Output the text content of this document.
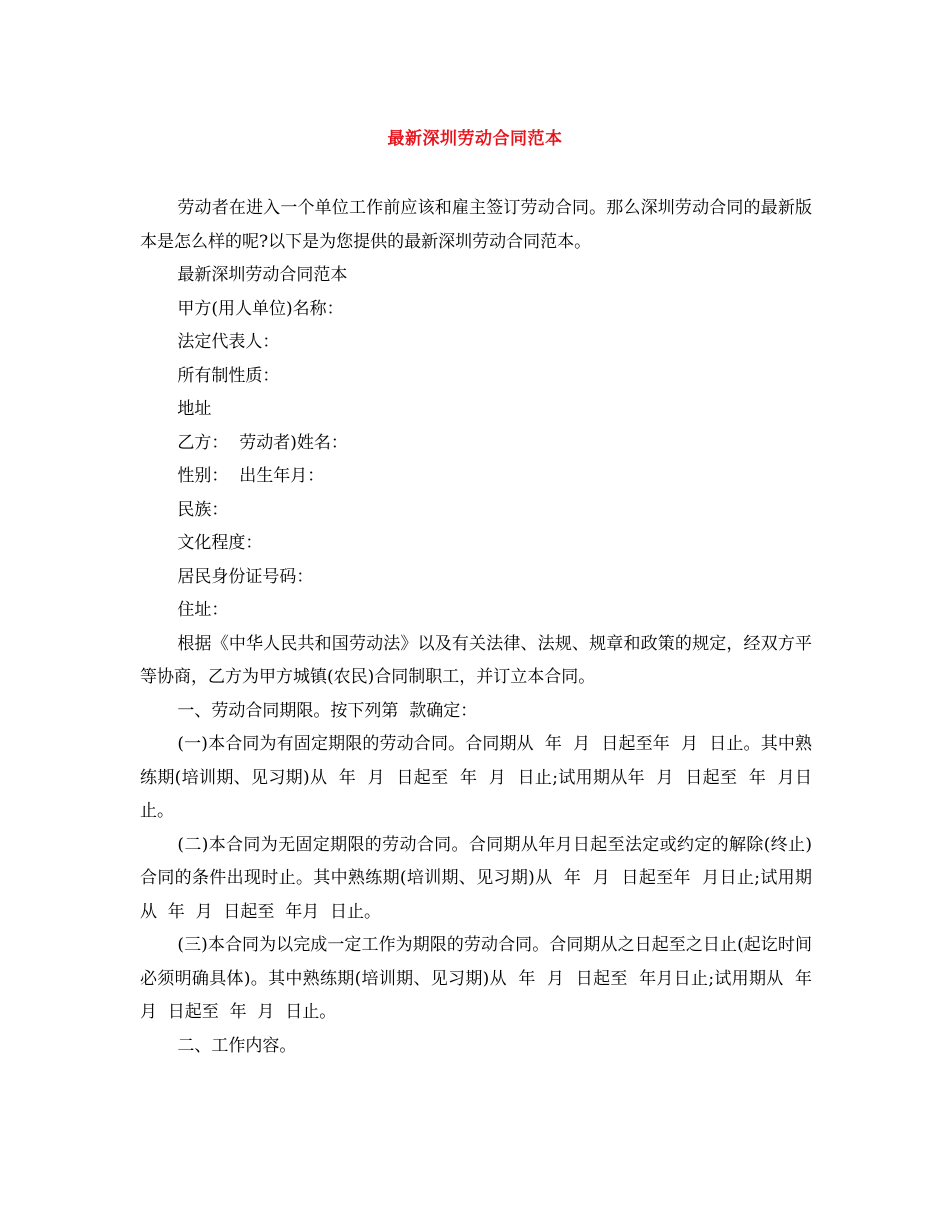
最新深圳劳动合同范本

劳动者在进入一个单位工作前应该和雇主签订劳动合同。那么深圳劳动合同的最新版本是怎么样的呢?以下是为您提供的最新深圳劳动合同范本。

最新深圳劳动合同范本

甲方(用人单位)名称：

法定代表人：

所有制性质：

地址

乙方：  劳动者)姓名：

性别：  出生年月：

民族：

文化程度：

居民身份证号码：

住址：

根据《中华人民共和国劳动法》以及有关法律、法规、规章和政策的规定，经双方平等协商，乙方为甲方城镇(农民)合同制职工，并订立本合同。

一、劳动合同期限。按下列第  款确定：

(一)本合同为有固定期限的劳动合同。合同期从  年  月  日起至年  月  日止。其中熟练期(培训期、见习期)从  年  月  日起至  年  月  日止;试用期从年  月  日起至  年  月日止。

(二)本合同为无固定期限的劳动合同。合同期从年月日起至法定或约定的解除(终止)合同的条件出现时止。其中熟练期(培训期、见习期)从  年  月  日起至年  月日止;试用期从  年  月  日起至  年月  日止。

(三)本合同为以完成一定工作为期限的劳动合同。合同期从之日起至之日止(起讫时间必须明确具体)。其中熟练期(培训期、见习期)从  年  月  日起至  年月日止;试用期从  年月  日起至  年  月  日止。

二、工作内容。
